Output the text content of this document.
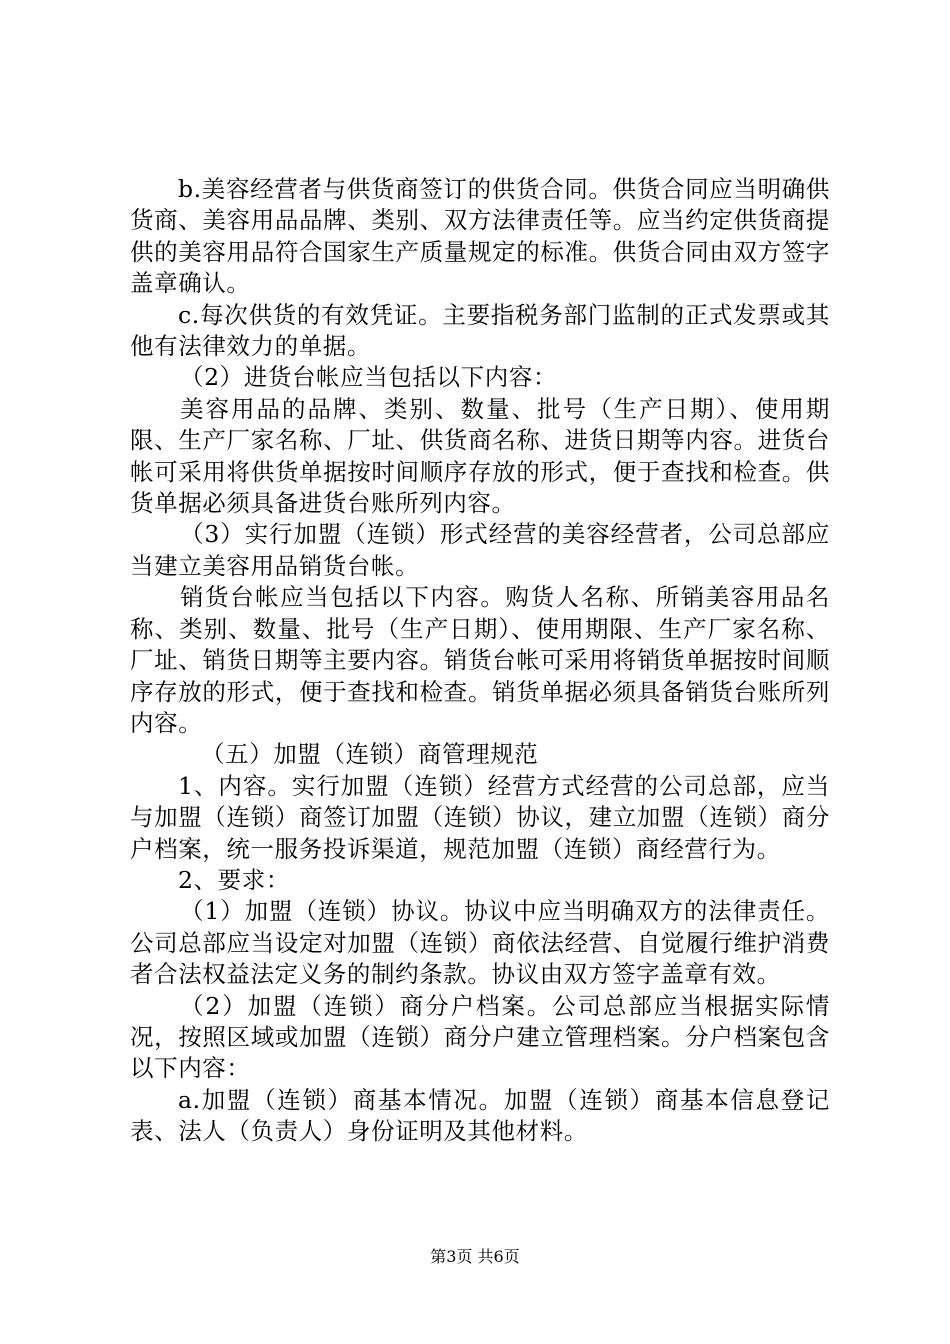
b.美容经营者与供货商签订的供货合同。供货合同应当明确供货商、美容用品品牌、类别、双方法律责任等。应当约定供货商提供的美容用品符合国家生产质量规定的标准。供货合同由双方签字盖章确认。

c.每次供货的有效凭证。主要指税务部门监制的正式发票或其他有法律效力的单据。

（2）进货台帐应当包括以下内容：

美容用品的品牌、类别、数量、批号（生产日期）、使用期限、生产厂家名称、厂址、供货商名称、进货日期等内容。进货台帐可采用将供货单据按时间顺序存放的形式，便于查找和检查。供货单据必须具备进货台账所列内容。

（3）实行加盟（连锁）形式经营的美容经营者，公司总部应当建立美容用品销货台帐。

销货台帐应当包括以下内容。购货人名称、所销美容用品名称、类别、数量、批号（生产日期）、使用期限、生产厂家名称、厂址、销货日期等主要内容。销货台帐可采用将销货单据按时间顺序存放的形式，便于查找和检查。销货单据必须具备销货台账所列内容。

（五）加盟（连锁）商管理规范

1、内容。实行加盟（连锁）经营方式经营的公司总部，应当与加盟（连锁）商签订加盟（连锁）协议，建立加盟（连锁）商分户档案，统一服务投诉渠道，规范加盟（连锁）商经营行为。

2、要求：

（1）加盟（连锁）协议。协议中应当明确双方的法律责任。公司总部应当设定对加盟（连锁）商依法经营、自觉履行维护消费者合法权益法定义务的制约条款。协议由双方签字盖章有效。

（2）加盟（连锁）商分户档案。公司总部应当根据实际情况，按照区域或加盟（连锁）商分户建立管理档案。分户档案包含以下内容：

a.加盟（连锁）商基本情况。加盟（连锁）商基本信息登记表、法人（负责人）身份证明及其他材料。

第3页 共6页
